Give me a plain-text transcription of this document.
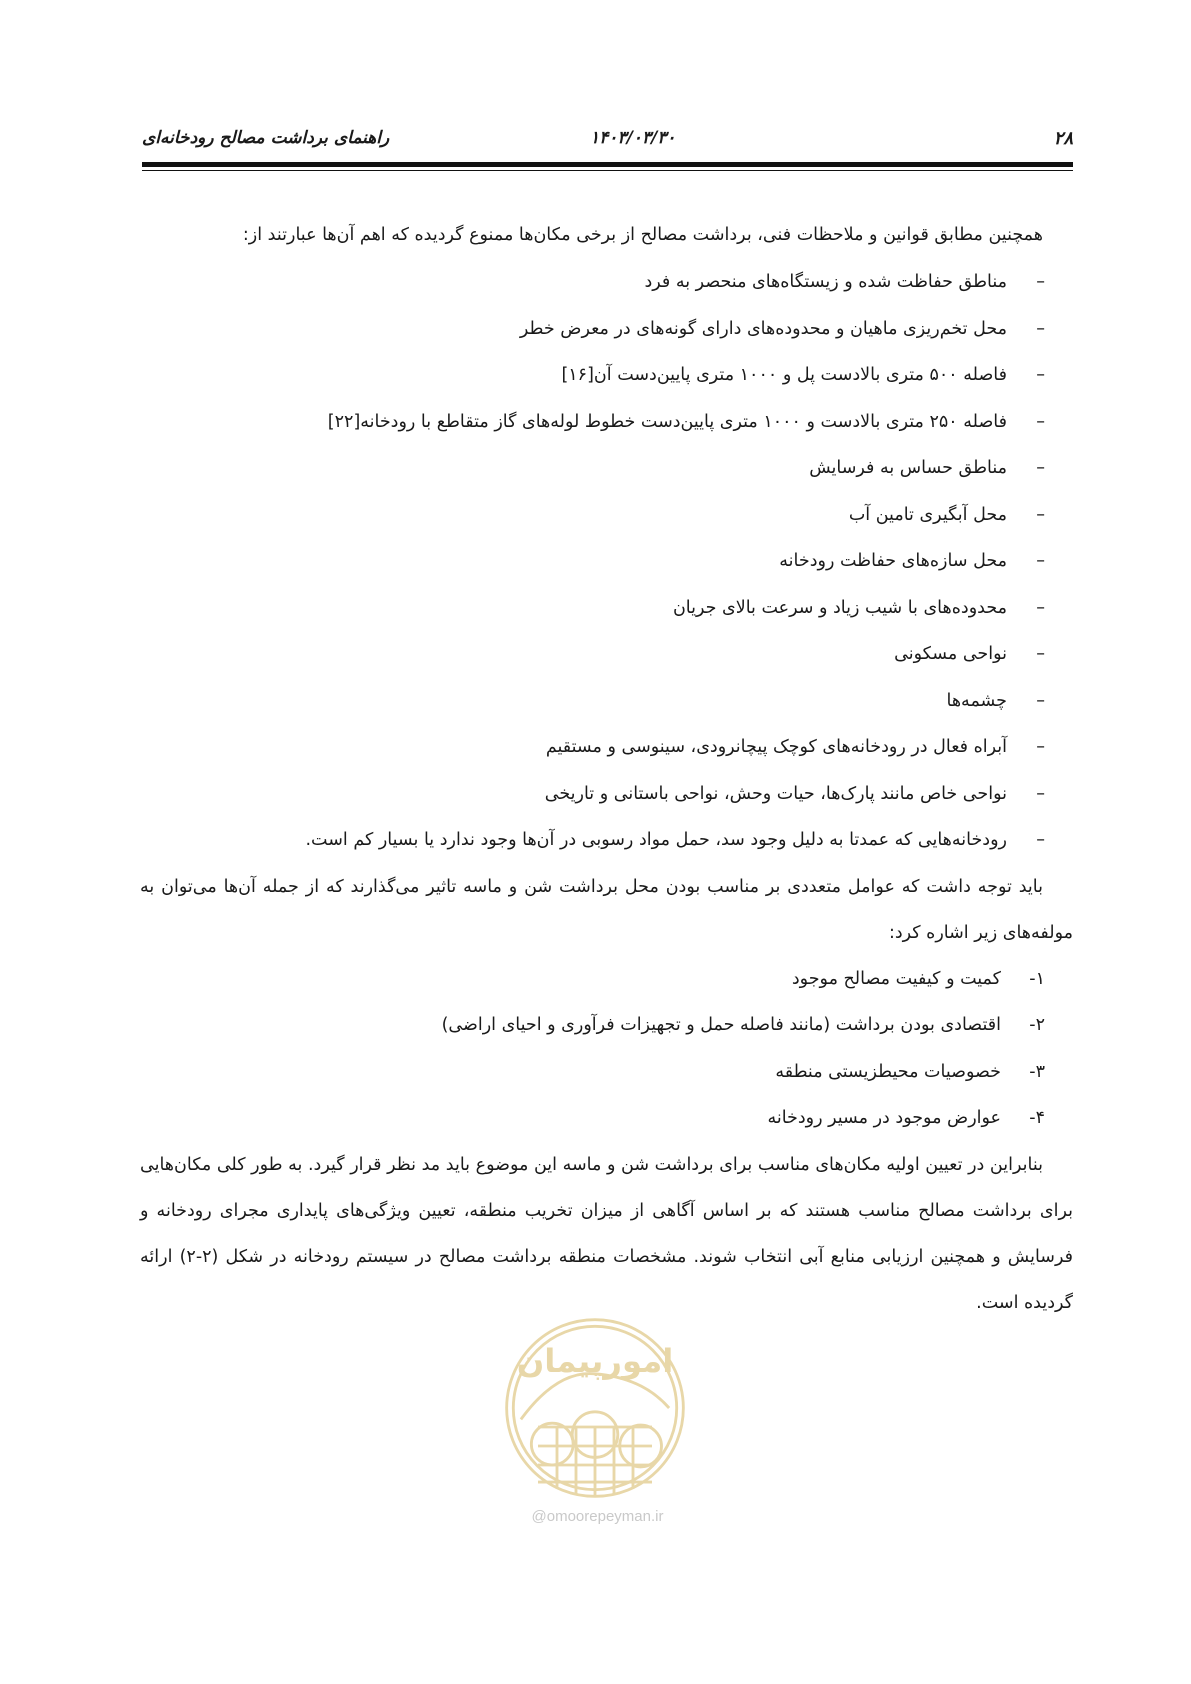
راهنمای برداشت مصالح رودخانه‌ای	۱۴۰۳/۰۳/۳۰	۲۸

همچنین مطابق قوانین و ملاحظات فنی، برداشت مصالح از برخی مکان‌ها ممنوع گردیده که اهم آن‌ها عبارتند از:

–
مناطق حفاظت شده و زیستگاه‌های منحصر به فرد
–
محل تخم‌ریزی ماهیان و محدوده‌های دارای گونه‌های در معرض خطر
–
فاصله ۵۰۰ متری بالادست پل و ۱۰۰۰ متری پایین‌دست آن[۱۶]
–
فاصله ۲۵۰ متری بالادست و ۱۰۰۰ متری پایین‌دست خطوط لوله‌های گاز متقاطع با رودخانه[۲۲]
–
مناطق حساس به فرسایش
–
محل آبگیری تامین آب
–
محل سازه‌های حفاظت رودخانه
–
محدوده‌های با شیب زیاد و سرعت بالای جریان
–
نواحی مسکونی
–
چشمه‌ها
–
آبراه فعال در رودخانه‌های کوچک پیچانرودی، سینوسی و مستقیم
–
نواحی خاص مانند پارک‌ها، حیات وحش، نواحی باستانی و تاریخی
–
رودخانه‌هایی که عمدتا به دلیل وجود سد، حمل مواد رسوبی در آن‌ها وجود ندارد یا بسیار کم است.

باید توجه داشت که عوامل متعددی بر مناسب بودن محل برداشت شن و ماسه تاثیر می‌گذارند که از جمله آن‌ها می‌توان به مولفه‌های زیر اشاره کرد:

۱-
کمیت و کیفیت مصالح موجود
۲-
اقتصادی بودن برداشت (مانند فاصله حمل و تجهیزات فرآوری و احیای اراضی)
۳-
خصوصیات محیطزیستی منطقه
۴-
عوارض موجود در مسیر رودخانه

بنابراین در تعیین اولیه مکان‌های مناسب برای برداشت شن و ماسه این موضوع باید مد نظر قرار گیرد. به طور کلی مکان‌هایی برای برداشت مصالح مناسب هستند که بر اساس آگاهی از میزان تخریب منطقه، تعیین ویژگی‌های پایداری مجرای رودخانه و فرسایش و همچنین ارزیابی منابع آبی انتخاب شوند. مشخصات منطقه برداشت مصالح در سیستم رودخانه در شکل (۲-۲) ارائه گردیده است.

امورپیمان
@omoorepeyman.ir
